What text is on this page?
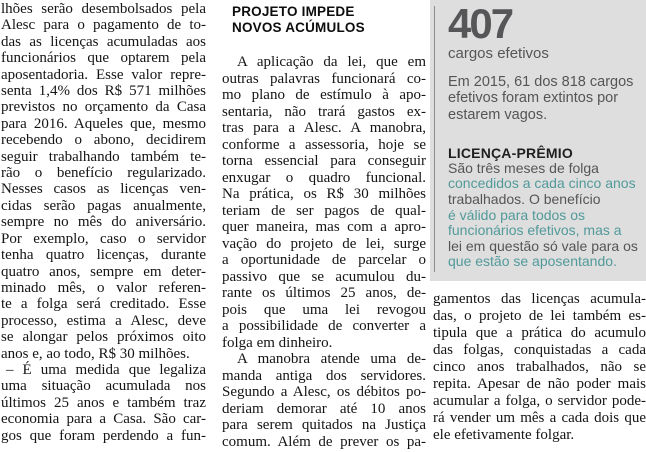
lhões serão desembolsados pela
Alesc para o pagamento de to-
das as licenças acumuladas aos
funcionários que optarem pela
aposentadoria. Esse valor repre-
senta 1,4% dos R$ 571 milhões
previstos no orçamento da Casa
para 2016. Aqueles que, mesmo
recebendo o abono, decidirem
seguir trabalhando também te-
rão o benefício regularizado.
Nesses casos as licenças ven-
cidas serão pagas anualmente,
sempre no mês do aniversário.
Por exemplo, caso o servidor
tenha quatro licenças, durante
quatro anos, sempre em deter-
minado mês, o valor referen-
te a folga será creditado. Esse
processo, estima a Alesc, deve
se alongar pelos próximos oito
anos e, ao todo, R$ 30 milhões.
– É uma medida que legaliza
uma situação acumulada nos
últimos 25 anos e também traz
economia para a Casa. São car-
gos que foram perdendo a fun-
PROJETO IMPEDE
NOVOS ACÚMULOS
A aplicação da lei, que em
outras palavras funcionará co-
mo plano de estímulo à apo-
sentaria, não trará gastos ex-
tras para a Alesc. A manobra,
conforme a assessoria, hoje se
torna essencial para conseguir
enxugar o quadro funcional.
Na prática, os R$ 30 milhões
teriam de ser pagos de qual-
quer maneira, mas com a apro-
vação do projeto de lei, surge
a oportunidade de parcelar o
passivo que se acumulou du-
rante os últimos 25 anos, de-
pois que uma lei revogou
a possibilidade de converter a
folga em dinheiro.
A manobra atende uma de-
manda antiga dos servidores.
Segundo a Alesc, os débitos po-
deriam demorar até 10 anos
para serem quitados na Justiça
comum. Além de prever os pa-
407
cargos efetivos
Em 2015, 61 dos 818 cargos
efetivos foram extintos por
estarem vagos.
LICENÇA-PRÊMIO
São três meses de folga
concedidos a cada cinco anos
trabalhados. O benefício
é válido para todos os
funcionários efetivos, mas a
lei em questão só vale para os
que estão se aposentando.
gamentos das licenças acumula-
das, o projeto de lei também es-
tipula que a prática do acumulo
das folgas, conquistadas a cada
cinco anos trabalhados, não se
repita. Apesar de não poder mais
acumular a folga, o servidor pode-
rá vender um mês a cada dois que
ele efetivamente folgar.
